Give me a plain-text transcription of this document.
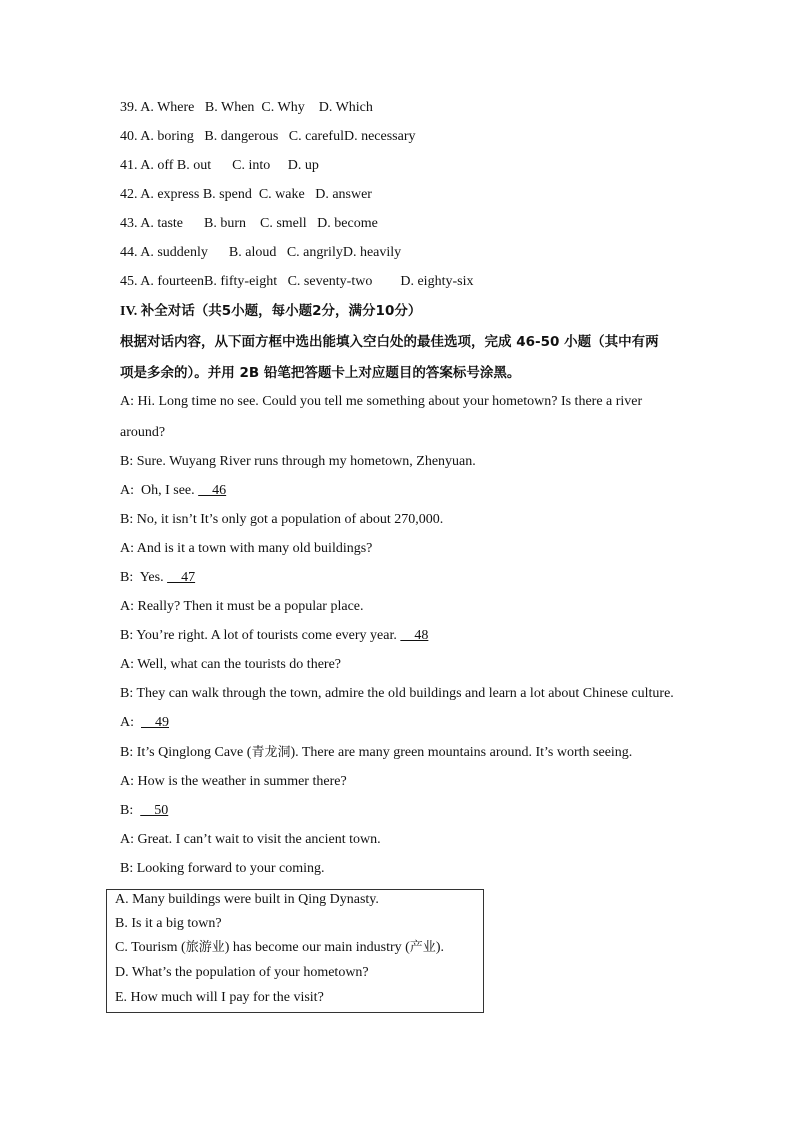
39. A. Where   B. When  C. Why    D. Which
40. A. boring   B. dangerous   C. carefulD. necessary
41. A. off B. out      C. into     D. up
42. A. express B. spend  C. wake   D. answer
43. A. taste      B. burn    C. smell   D. become
44. A. suddenly      B. aloud   C. angrilyD. heavily
45. A. fourteenB. fifty-eight   C. seventy-two        D. eighty-six
IV. 补全对话（共5小题，每小题2分，满分10分）
根据对话内容，从下面方框中选出能填入空白处的最佳选项，完成 46-50 小题（其中有两
项是多余的）。并用 2B 铅笔把答题卡上对应题目的答案标号涂黑。
A: Hi. Long time no see. Could you tell me something about your hometown? Is there a river
around?
B: Sure. Wuyang River runs through my hometown, Zhenyuan.
A:  Oh, I see.     46
B: No, it isn’t It’s only got a population of about 270,000.
A: And is it a town with many old buildings?
B:  Yes.     47
A: Really? Then it must be a popular place.
B: You’re right. A lot of tourists come every year.     48
A: Well, what can the tourists do there?
B: They can walk through the town, admire the old buildings and learn a lot about Chinese culture.
A:      49
B: It’s Qinglong Cave (青龙洞). There are many green mountains around. It’s worth seeing.
A: How is the weather in summer there?
B:      50
A: Great. I can’t wait to visit the ancient town.
B: Looking forward to your coming.
A. Many buildings were built in Qing Dynasty.
B. Is it a big town?
C. Tourism (旅游业) has become our main industry (产业).
D. What’s the population of your hometown?
E. How much will I pay for the visit?
